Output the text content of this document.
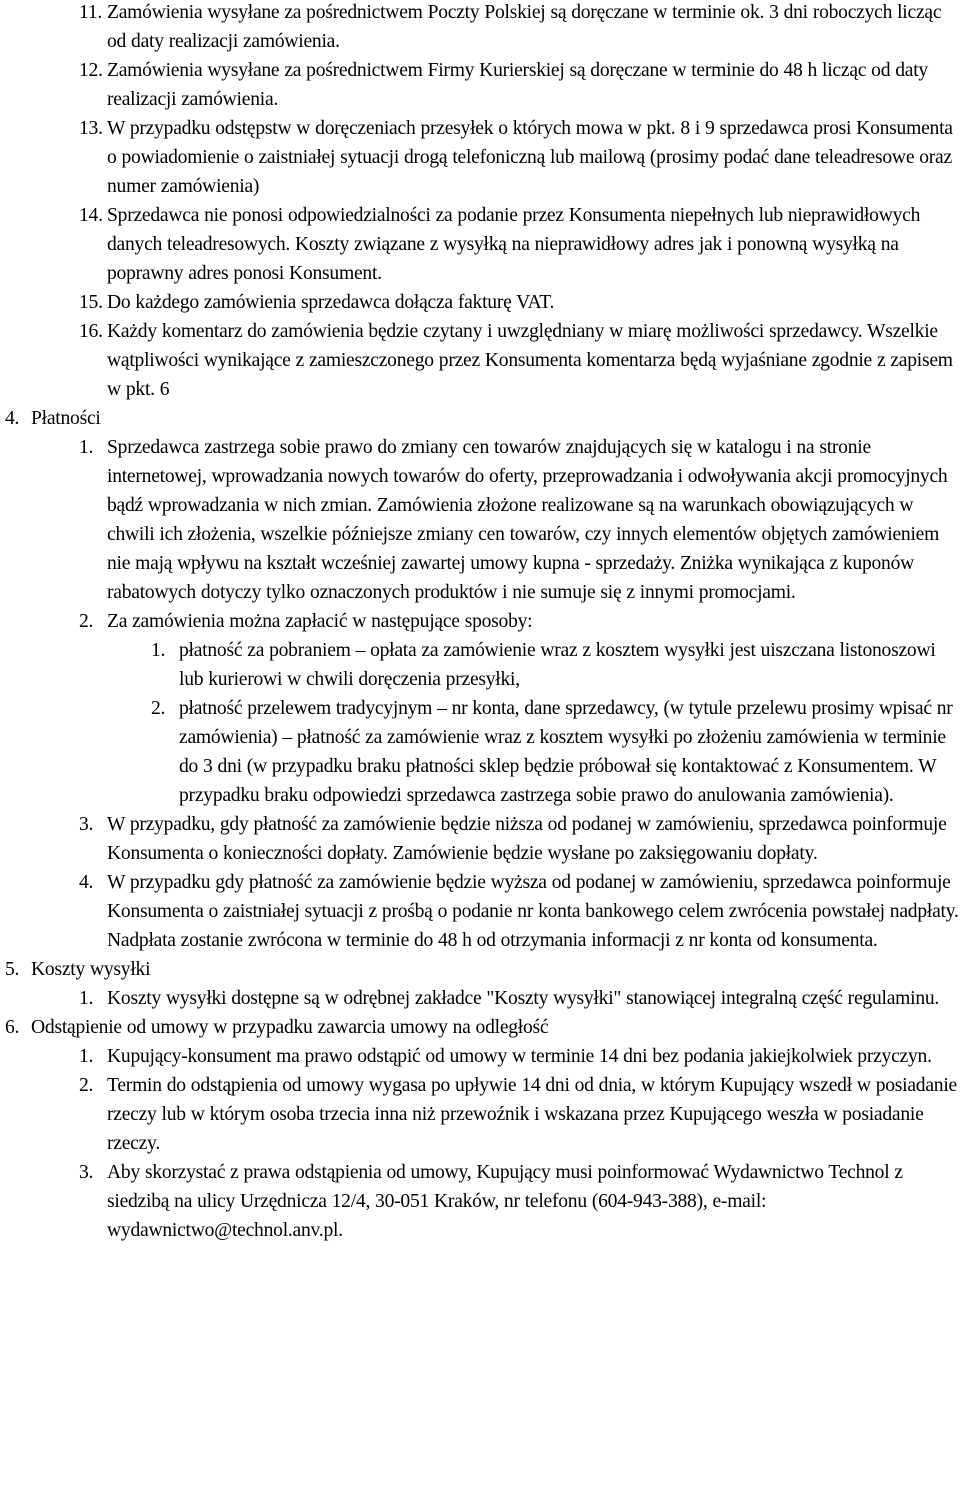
11. Zamówienia wysyłane za pośrednictwem Poczty Polskiej są doręczane w terminie ok. 3 dni roboczych licząc od daty realizacji zamówienia.
12. Zamówienia wysyłane za pośrednictwem Firmy Kurierskiej są doręczane w terminie do 48 h licząc od daty realizacji zamówienia.
13. W przypadku odstępstw w doręczeniach przesyłek o których mowa w pkt. 8 i 9 sprzedawca prosi Konsumenta o powiadomienie o zaistniałej sytuacji drogą telefoniczną lub mailową (prosimy podać dane teleadresowe oraz numer zamówienia)
14. Sprzedawca nie ponosi odpowiedzialności za podanie przez Konsumenta niepełnych lub nieprawidłowych danych teleadresowych. Koszty związane z wysyłką na nieprawidłowy adres jak i ponowną wysyłką na poprawny adres ponosi Konsument.
15. Do każdego zamówienia sprzedawca dołącza fakturę VAT.
16. Każdy komentarz do zamówienia będzie czytany i uwzględniany w miarę możliwości sprzedawcy. Wszelkie wątpliwości wynikające z zamieszczonego przez Konsumenta komentarza będą wyjaśniane zgodnie z zapisem w pkt. 6
4. Płatności
1. Sprzedawca zastrzega sobie prawo do zmiany cen towarów znajdujących się w katalogu i na stronie internetowej, wprowadzania nowych towarów do oferty, przeprowadzania i odwoływania akcji promocyjnych bądź wprowadzania w nich zmian. Zamówienia złożone realizowane są na warunkach obowiązujących w chwili ich złożenia, wszelkie późniejsze zmiany cen towarów, czy innych elementów objętych zamówieniem nie mają wpływu na kształt wcześniej zawartej umowy kupna - sprzedaży. Zniżka wynikająca z kuponów rabatowych dotyczy tylko oznaczonych produktów i nie sumuje się z innymi promocjami.
2. Za zamówienia można zapłacić w następujące sposoby:
1. płatność za pobraniem – opłata za zamówienie wraz z kosztem wysyłki jest uiszczana listonoszowi lub kurierowi w chwili doręczenia przesyłki,
2. płatność przelewem tradycyjnym – nr konta, dane sprzedawcy, (w tytule przelewu prosimy wpisać nr zamówienia) – płatność za zamówienie wraz z kosztem wysyłki po złożeniu zamówienia w terminie do 3 dni (w przypadku braku płatności sklep będzie próbował się kontaktować z Konsumentem. W przypadku braku odpowiedzi sprzedawca zastrzega sobie prawo do anulowania zamówienia).
3. W przypadku, gdy płatność za zamówienie będzie niższa od podanej w zamówieniu, sprzedawca poinformuje Konsumenta o konieczności dopłaty. Zamówienie będzie wysłane po zaksięgowaniu dopłaty.
4. W przypadku gdy płatność za zamówienie będzie wyższa od podanej w zamówieniu, sprzedawca poinformuje Konsumenta o zaistniałej sytuacji z prośbą o podanie nr konta bankowego celem zwrócenia powstałej nadpłaty. Nadpłata zostanie zwrócona w terminie do 48 h od otrzymania informacji z nr konta od konsumenta.
5. Koszty wysyłki
1. Koszty wysyłki dostępne są w odrębnej zakładce "Koszty wysyłki" stanowiącej integralną część regulaminu.
6. Odstąpienie od umowy w przypadku zawarcia umowy na odległość
1. Kupujący-konsument ma prawo odstąpić od umowy w terminie 14 dni bez podania jakiejkolwiek przyczyn.
2. Termin do odstąpienia od umowy wygasa po upływie 14 dni od dnia, w którym Kupujący wszedł w posiadanie rzeczy lub w którym osoba trzecia inna niż przewoźnik i wskazana przez Kupującego weszła w posiadanie rzeczy.
3. Aby skorzystać z prawa odstąpienia od umowy, Kupujący musi poinformować Wydawnictwo Technol z siedzibą na ulicy Urzędnicza 12/4, 30-051 Kraków, nr telefonu (604-943-388), e-mail: wydawnictwo@technol.anv.pl.
